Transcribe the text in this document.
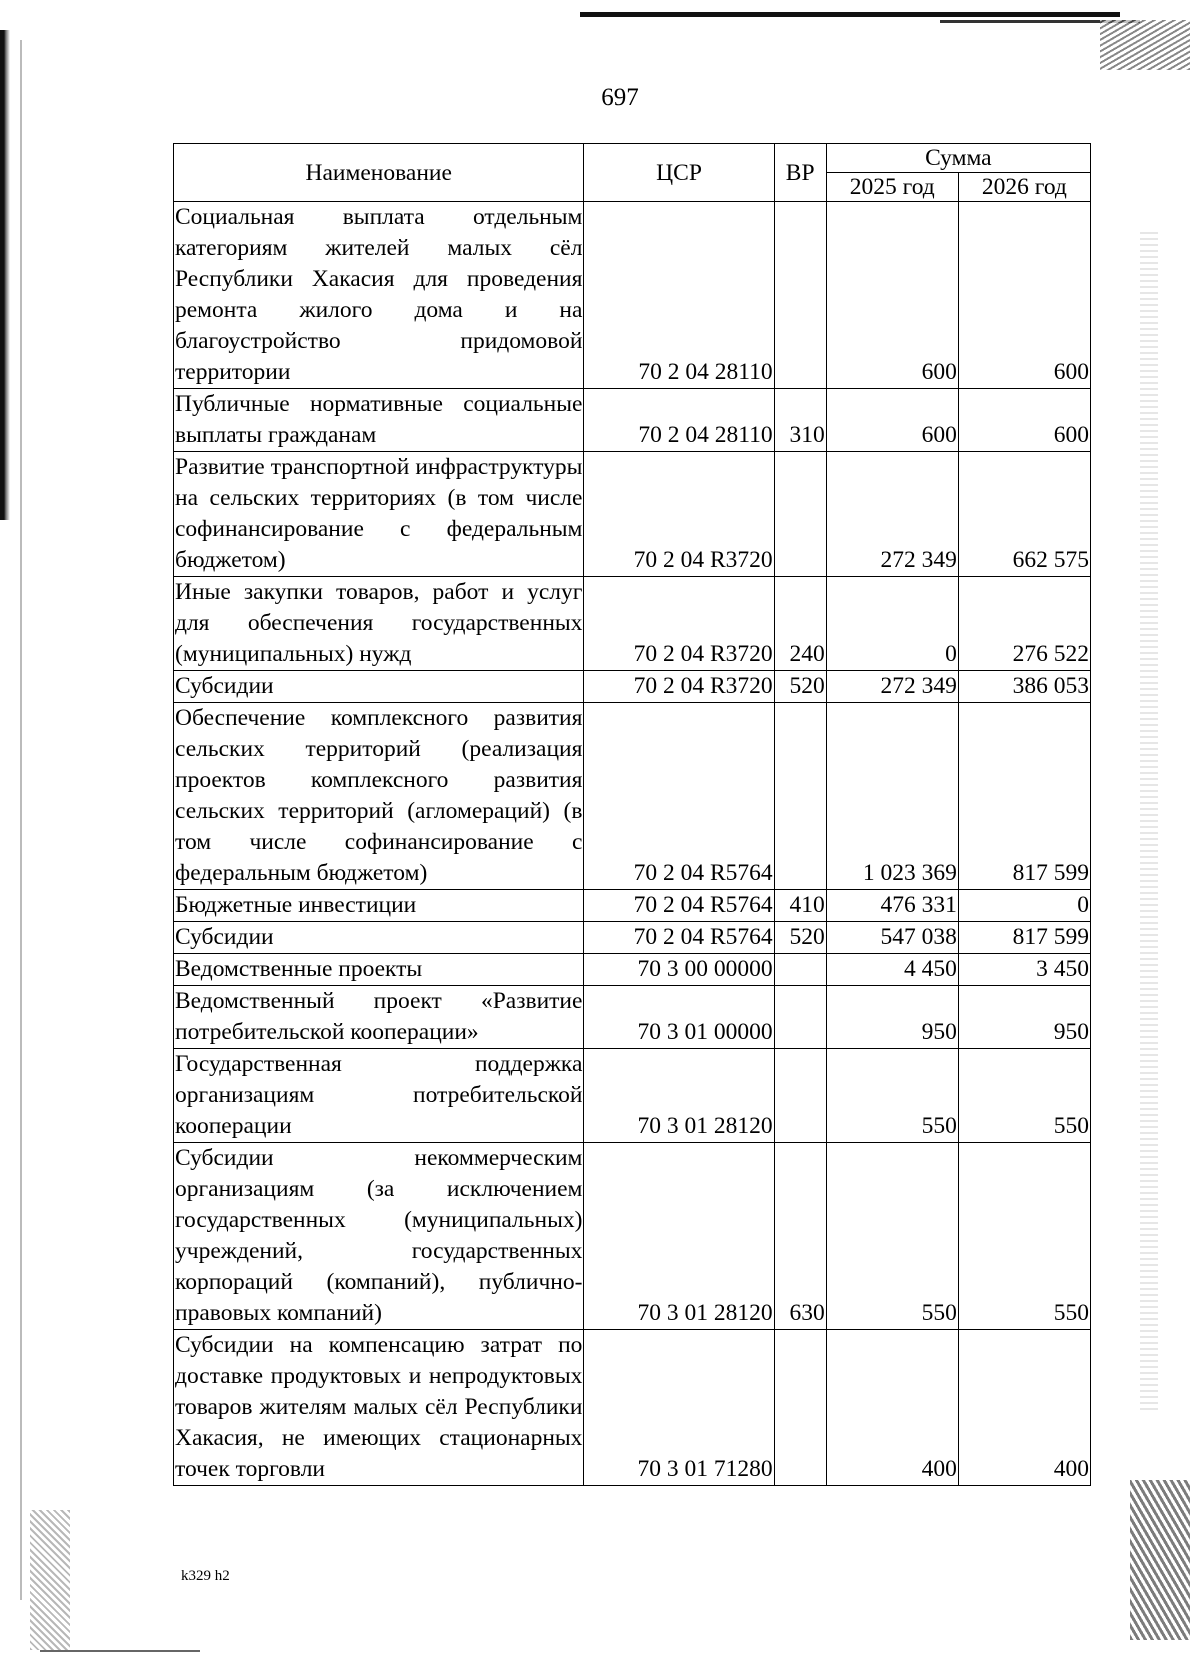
697
Наименование	ЦСР	ВР	Сумма	
			2025 год	2026 год
Социальная выплата отдельным категориям жителей малых сёл Республики Хакасия для проведения ремонта жилого дома и на благоустройство придомовой территории	70 2 04 28110		600	600
Публичные нормативные социальные выплаты гражданам	70 2 04 28110	310	600	600
Развитие транспортной инфраструктуры на сельских территориях (в том числе софинансирование с федеральным бюджетом)	70 2 04 R3720		272 349	662 575
Иные закупки товаров, работ и услуг для обеспечения государственных (муниципальных) нужд	70 2 04 R3720	240	0	276 522
Субсидии	70 2 04 R3720	520	272 349	386 053
Обеспечение комплексного развития сельских территорий (реализация проектов комплексного развития сельских территорий (агломераций) (в том числе софинансирование с федеральным бюджетом)	70 2 04 R5764		1 023 369	817 599
Бюджетные инвестиции	70 2 04 R5764	410	476 331	0
Субсидии	70 2 04 R5764	520	547 038	817 599
Ведомственные проекты	70 3 00 00000		4 450	3 450
Ведомственный проект «Развитие потребительской кооперации»	70 3 01 00000		950	950
Государственная поддержка организациям потребительской кооперации	70 3 01 28120		550	550
Субсидии некоммерческим организациям (за исключением государственных (муниципальных) учреждений, государственных корпораций (компаний), публично-правовых компаний)	70 3 01 28120	630	550	550
Субсидии на компенсацию затрат по доставке продуктовых и непродуктовых товаров жителям малых сёл Республики Хакасия, не имеющих стационарных точек торговли	70 3 01 71280		400	400
k329 h2
